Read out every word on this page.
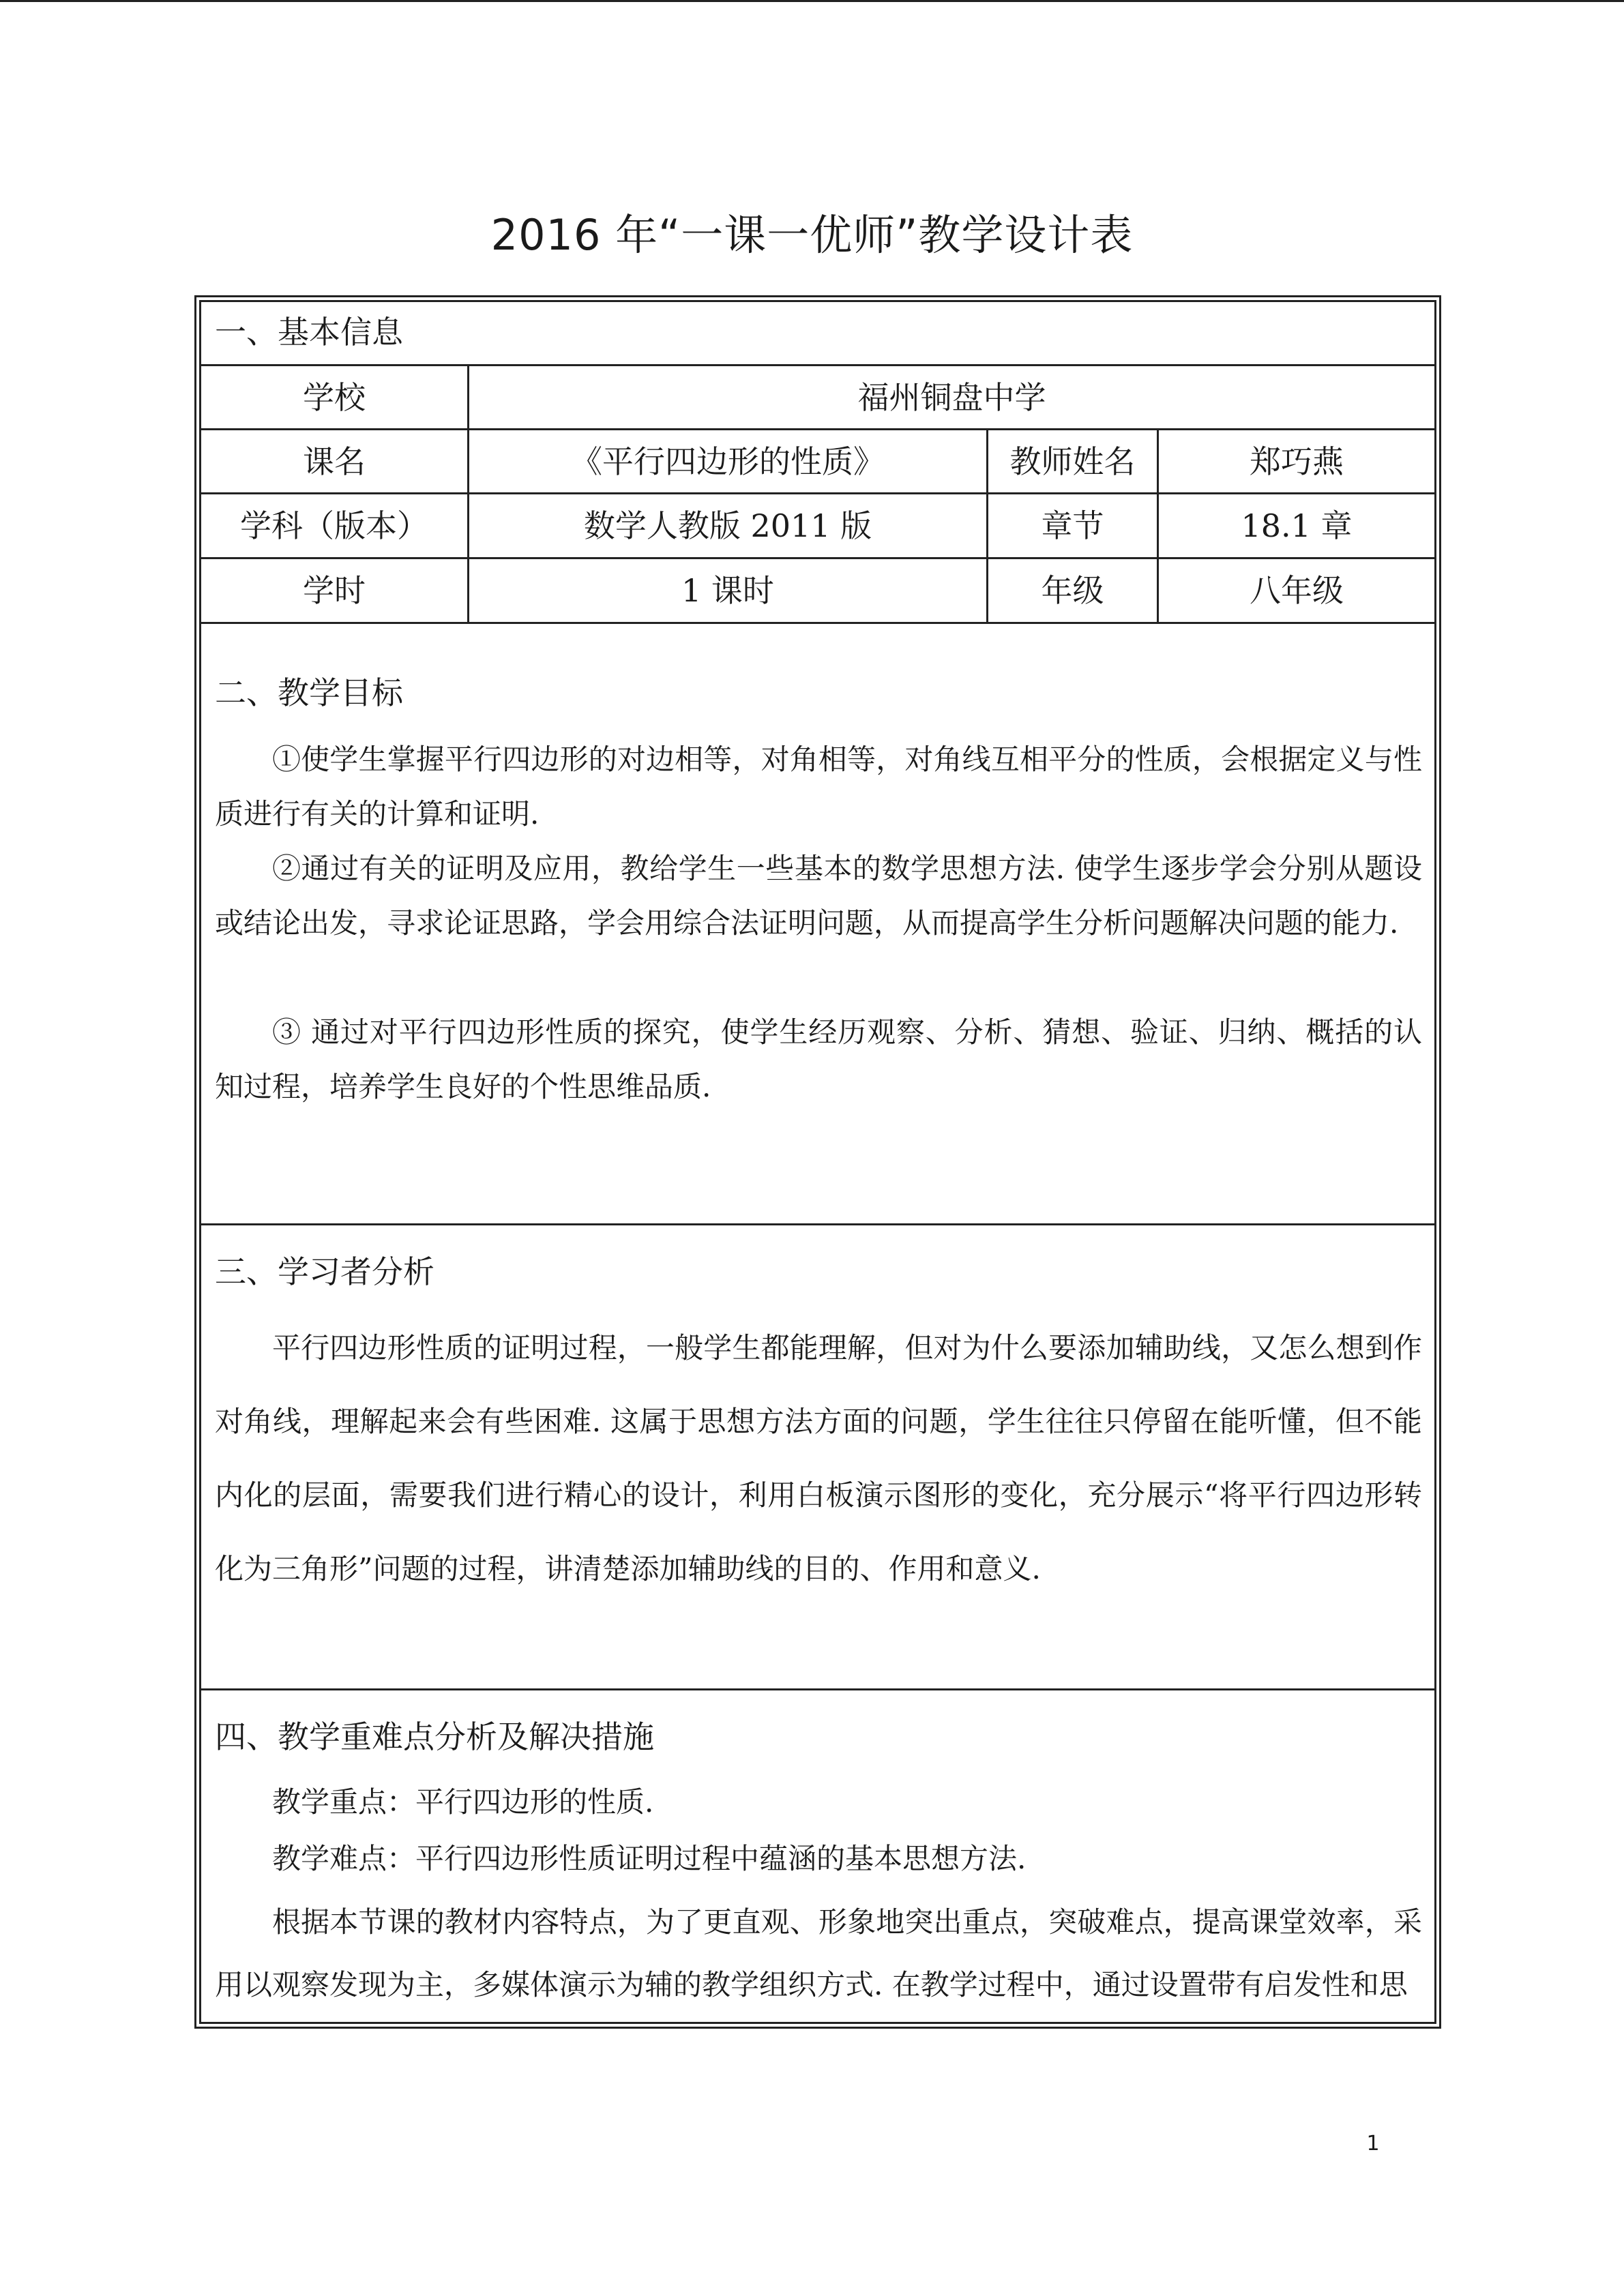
2016 年“一课一优师”教学设计表
一、基本信息
学校	福州铜盘中学
课名	《平行四边形的性质》	教师姓名	郑巧燕
学科（版本）	数学人教版 2011 版	章节	18.1 章
学时	1 课时	年级	八年级
二、教学目标

①使学生掌握平行四边形的对边相等，对角相等，对角线互相平分的性质，会根据定义与性质进行有关的计算和证明.

②通过有关的证明及应用，教给学生一些基本的数学思想方法. 使学生逐步学会分别从题设或结论出发，寻求论证思路，学会用综合法证明问题，从而提高学生分析问题解决问题的能力.

③ 通过对平行四边形性质的探究，使学生经历观察、分析、猜想、验证、归纳、概括的认知过程，培养学生良好的个性思维品质.

三、学习者分析

平行四边形性质的证明过程，一般学生都能理解，但对为什么要添加辅助线，又怎么想到作对角线，理解起来会有些困难. 这属于思想方法方面的问题，学生往往只停留在能听懂，但不能内化的层面，需要我们进行精心的设计，利用白板演示图形的变化，充分展示“将平行四边形转化为三角形”问题的过程，讲清楚添加辅助线的目的、作用和意义.

四、教学重难点分析及解决措施

教学重点：平行四边形的性质.

教学难点：平行四边形性质证明过程中蕴涵的基本思想方法.

根据本节课的教材内容特点，为了更直观、形象地突出重点，突破难点，提高课堂效率，采用以观察发现为主，多媒体演示为辅的教学组织方式. 在教学过程中，通过设置带有启发性和思

1
